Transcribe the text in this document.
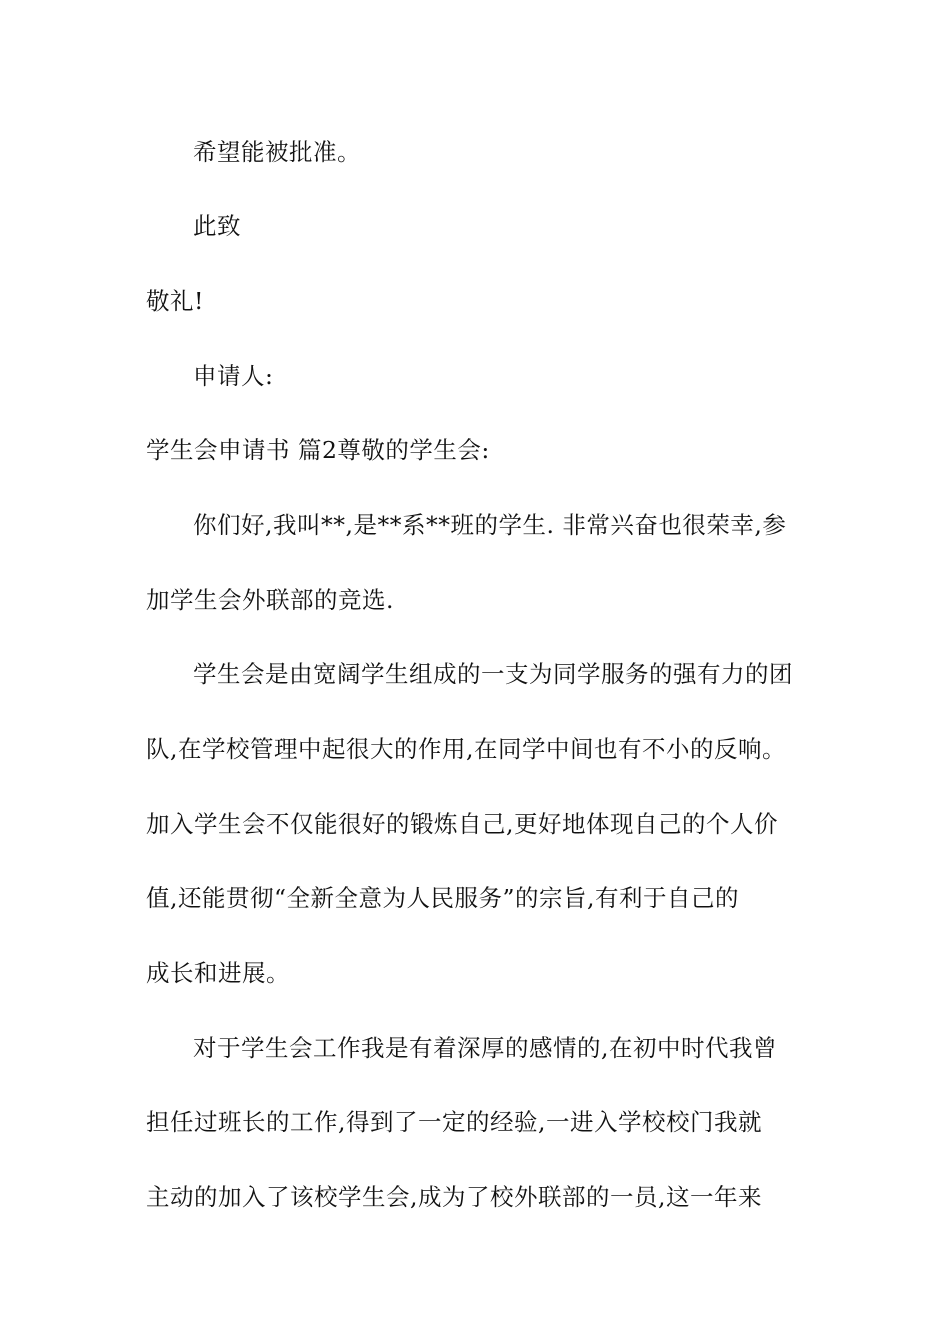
希望能被批准。
此致
敬礼!
申请人:
学生会申请书 篇2尊敬的学生会:
你们好,我叫**,是**系**班的学生. 非常兴奋也很荣幸,参
加学生会外联部的竞选.
学生会是由宽阔学生组成的一支为同学服务的强有力的团
队,在学校管理中起很大的作用,在同学中间也有不小的反响。
加入学生会不仅能很好的锻炼自己,更好地体现自己的个人价
值,还能贯彻“全新全意为人民服务”的宗旨,有利于自己的
成长和进展。
对于学生会工作我是有着深厚的感情的,在初中时代我曾
担任过班长的工作,得到了一定的经验,一进入学校校门我就
主动的加入了该校学生会,成为了校外联部的一员,这一年来
